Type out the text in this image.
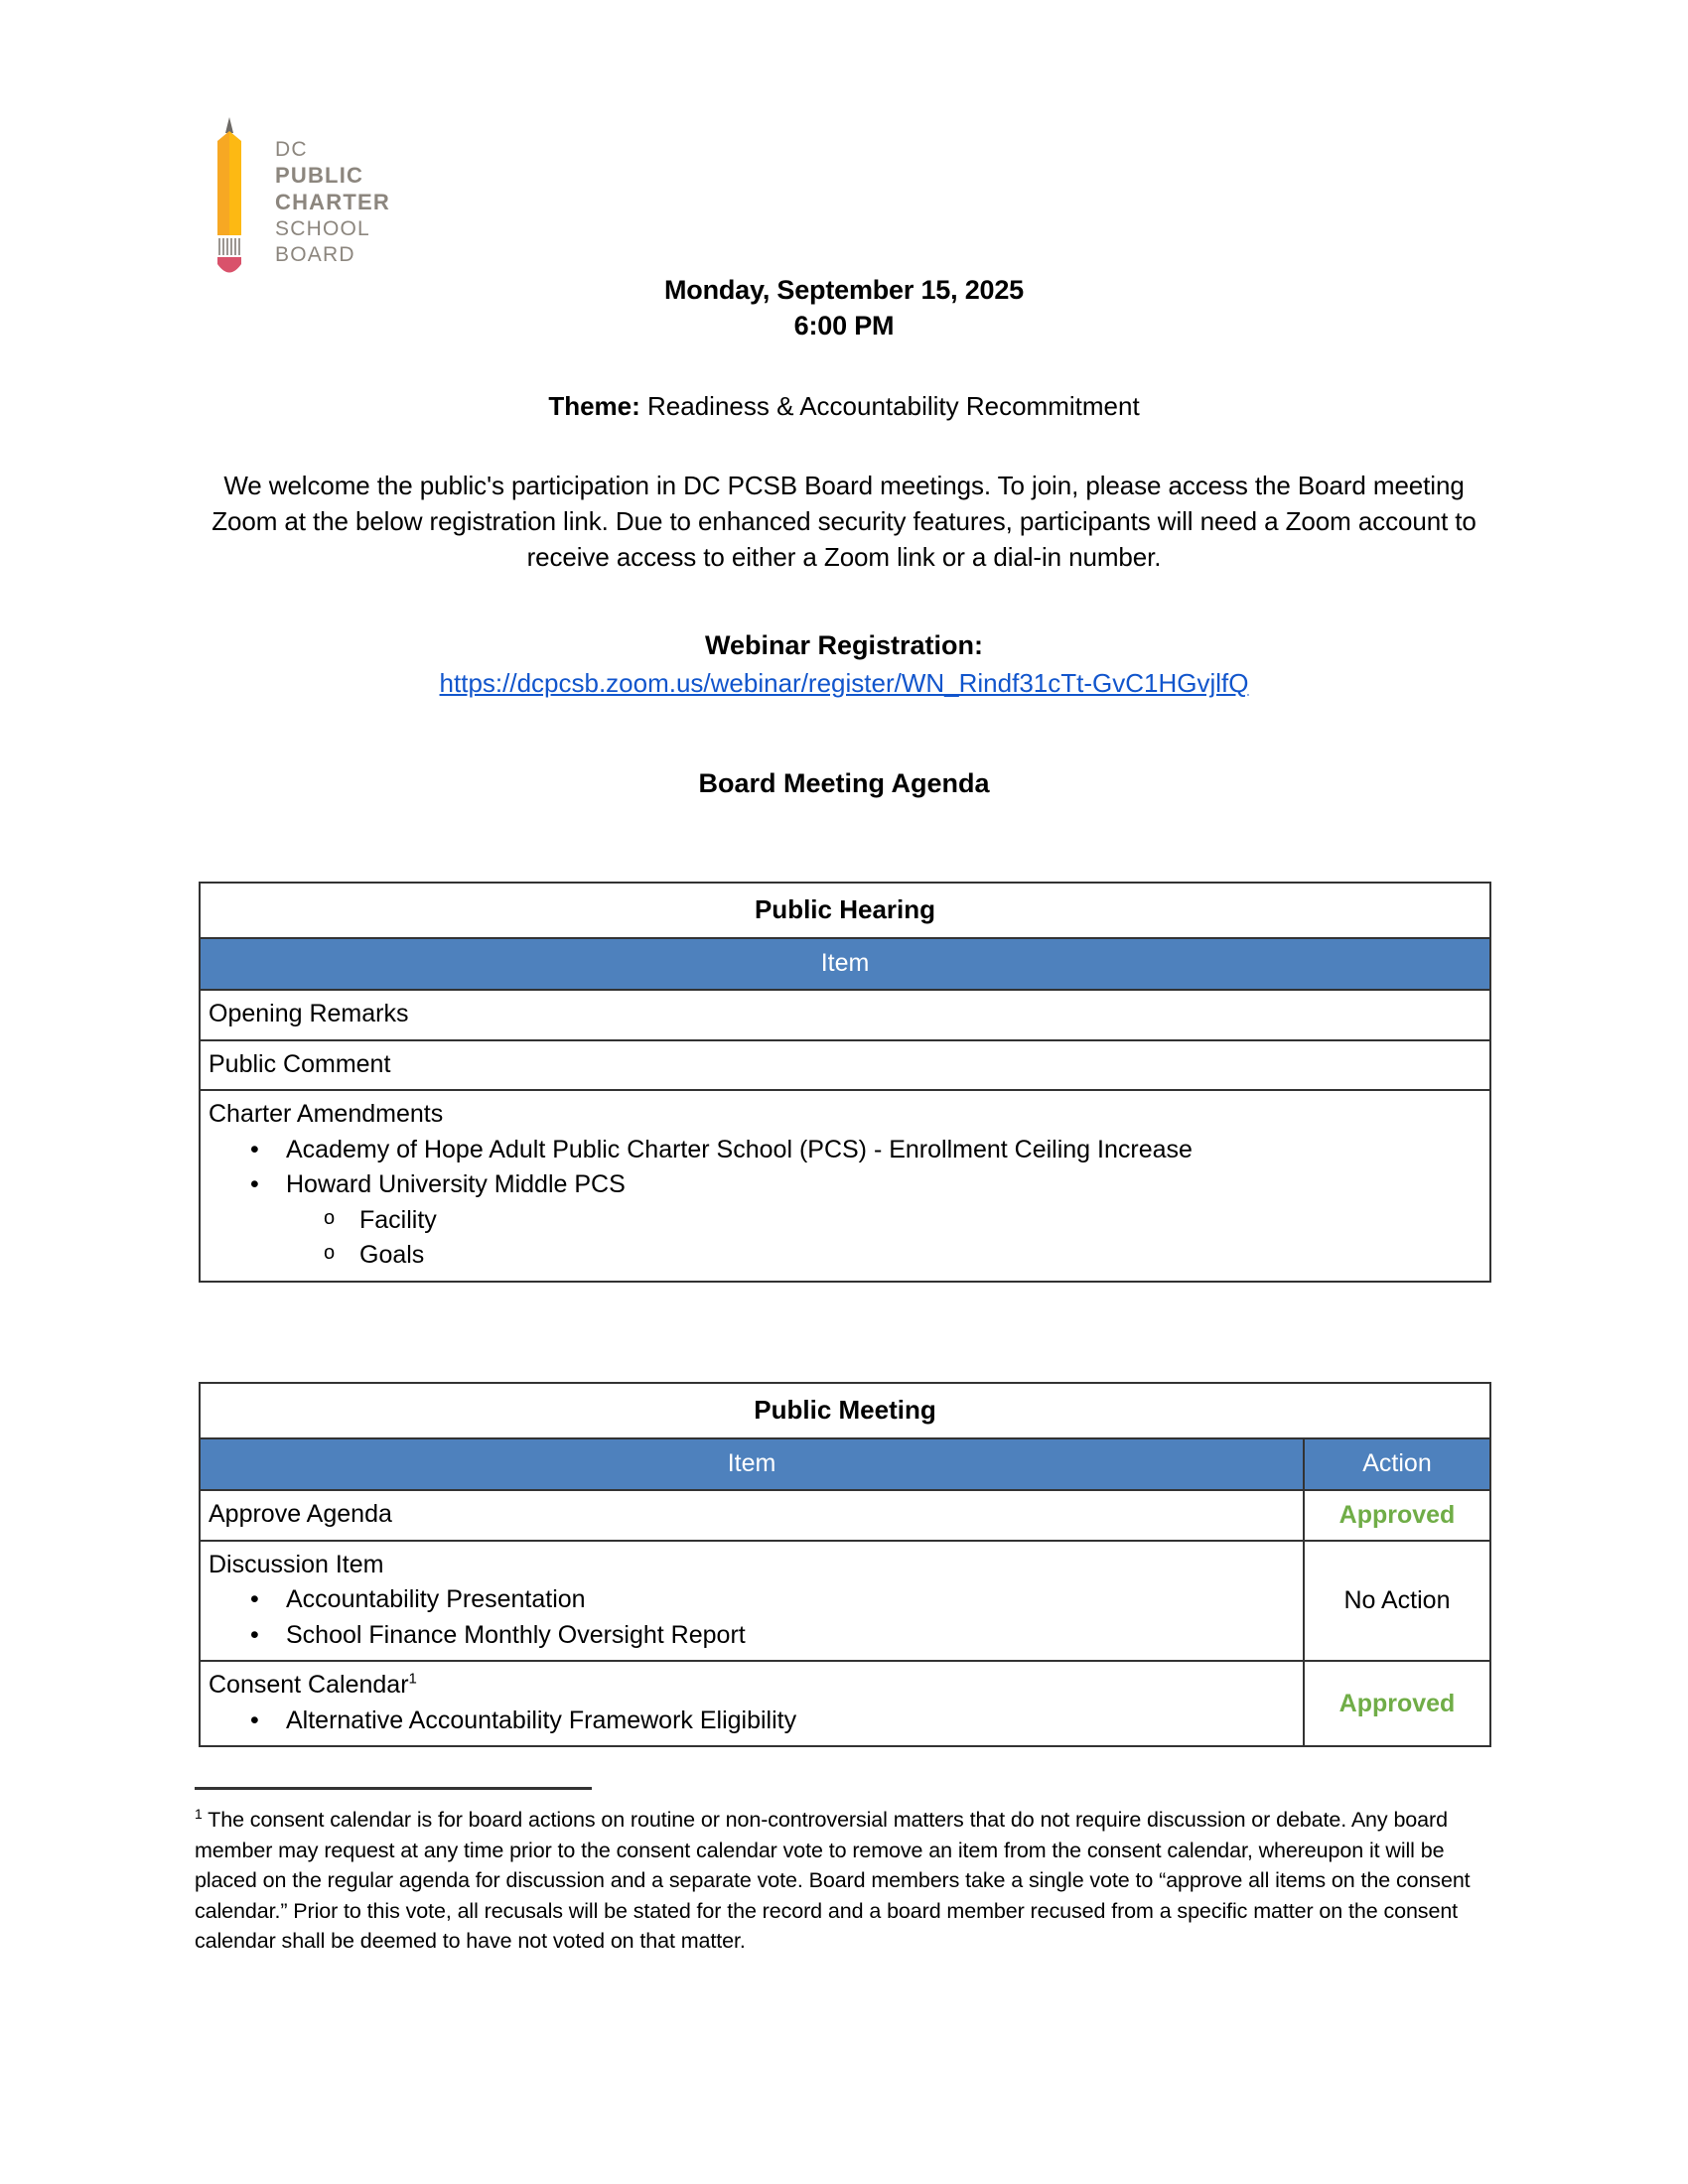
DC
PUBLIC
CHARTER
SCHOOL
BOARD
Monday, September 15, 2025
6:00 PM
Theme: Readiness & Accountability Recommitment
We welcome the public's participation in DC PCSB Board meetings. To join, please access the Board meeting Zoom at the below registration link. Due to enhanced security features, participants will need a Zoom account to receive access to either a Zoom link or a dial-in number.
Webinar Registration:
https://dcpcsb.zoom.us/webinar/register/WN_Rindf31cTt-GvC1HGvjlfQ
Board Meeting Agenda
Public Hearing
Item
Opening Remarks
Public Comment

Charter Amendments
• Academy of Hope Adult Public Charter School (PCS) - Enrollment Ceiling Increase
• Howard University Middle PCS
o Facility
o Goals
Public Meeting	
Item	Action
Approve Agenda	Approved

Discussion Item
• Accountability Presentation
• School Finance Monthly Oversight Report
	No Action

Consent Calendar$^1$
• Alternative Accountability Framework Eligibility
	Approved
$^1$ The consent calendar is for board actions on routine or non-controversial matters that do not require discussion or debate. Any board member may request at any time prior to the consent calendar vote to remove an item from the consent calendar, whereupon it will be placed on the regular agenda for discussion and a separate vote. Board members take a single vote to “approve all items on the consent calendar.” Prior to this vote, all recusals will be stated for the record and a board member recused from a specific matter on the consent calendar shall be deemed to have not voted on that matter.
